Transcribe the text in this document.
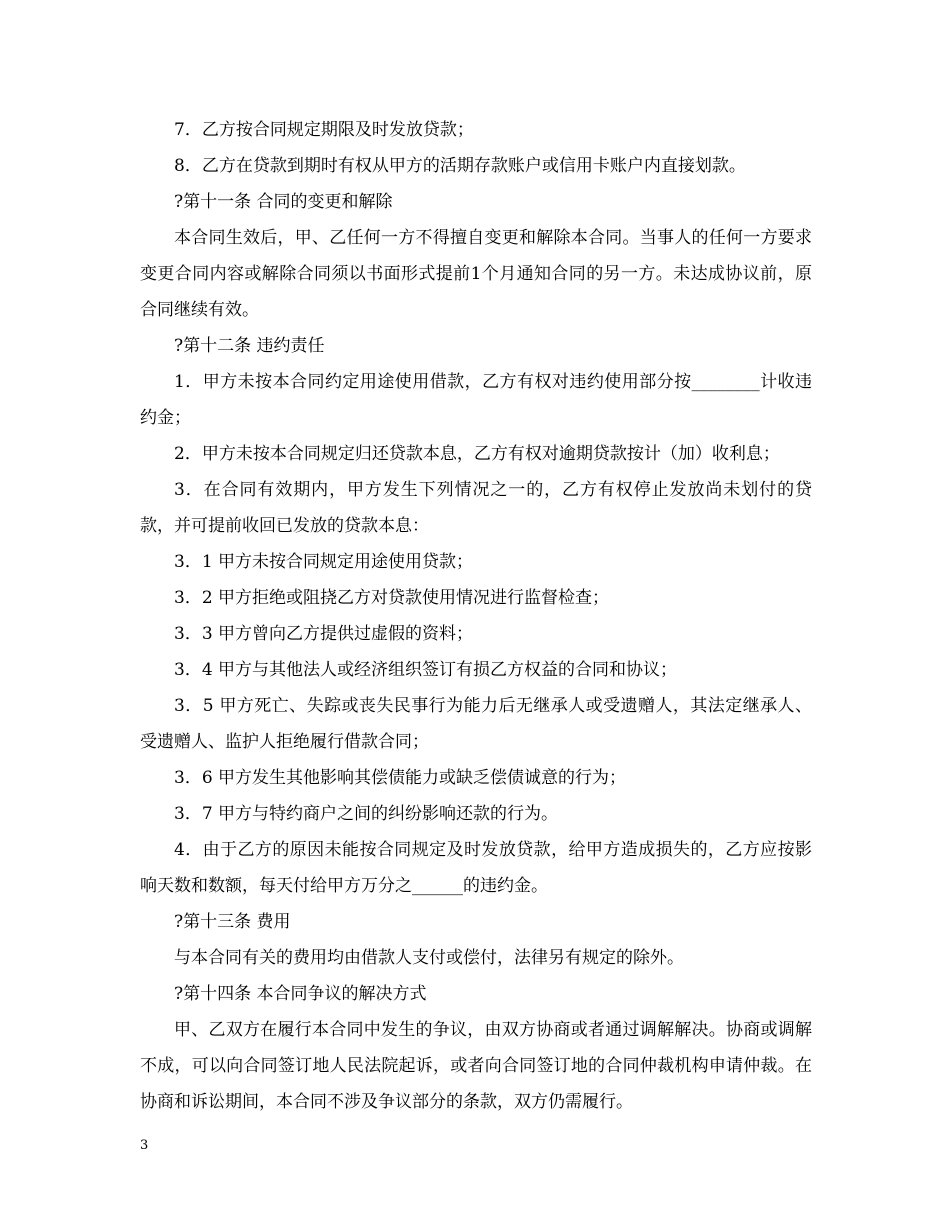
7．乙方按合同规定期限及时发放贷款；

8．乙方在贷款到期时有权从甲方的活期存款账户或信用卡账户内直接划款。

?第十一条 合同的变更和解除

本合同生效后，甲、乙任何一方不得擅自变更和解除本合同。当事人的任何一方要求变更合同内容或解除合同须以书面形式提前1个月通知合同的另一方。未达成协议前，原合同继续有效。

?第十二条 违约责任

1．甲方未按本合同约定用途使用借款，乙方有权对违约使用部分按________计收违约金；

2．甲方未按本合同规定归还贷款本息，乙方有权对逾期贷款按计（加）收利息；

3．在合同有效期内，甲方发生下列情况之一的，乙方有权停止发放尚未划付的贷款，并可提前收回已发放的贷款本息：

3．1 甲方未按合同规定用途使用贷款；

3．2 甲方拒绝或阻挠乙方对贷款使用情况进行监督检查；

3．3 甲方曾向乙方提供过虚假的资料；

3．4 甲方与其他法人或经济组织签订有损乙方权益的合同和协议；

3．5 甲方死亡、失踪或丧失民事行为能力后无继承人或受遗赠人，其法定继承人、受遗赠人、监护人拒绝履行借款合同；

3．6 甲方发生其他影响其偿债能力或缺乏偿债诚意的行为；

3．7 甲方与特约商户之间的纠纷影响还款的行为。

4．由于乙方的原因未能按合同规定及时发放贷款，给甲方造成损失的，乙方应按影响天数和数额，每天付给甲方万分之______的违约金。

?第十三条 费用

与本合同有关的费用均由借款人支付或偿付，法律另有规定的除外。

?第十四条 本合同争议的解决方式

甲、乙双方在履行本合同中发生的争议，由双方协商或者通过调解解决。协商或调解不成，可以向合同签订地人民法院起诉，或者向合同签订地的合同仲裁机构申请仲裁。在协商和诉讼期间，本合同不涉及争议部分的条款，双方仍需履行。

3
